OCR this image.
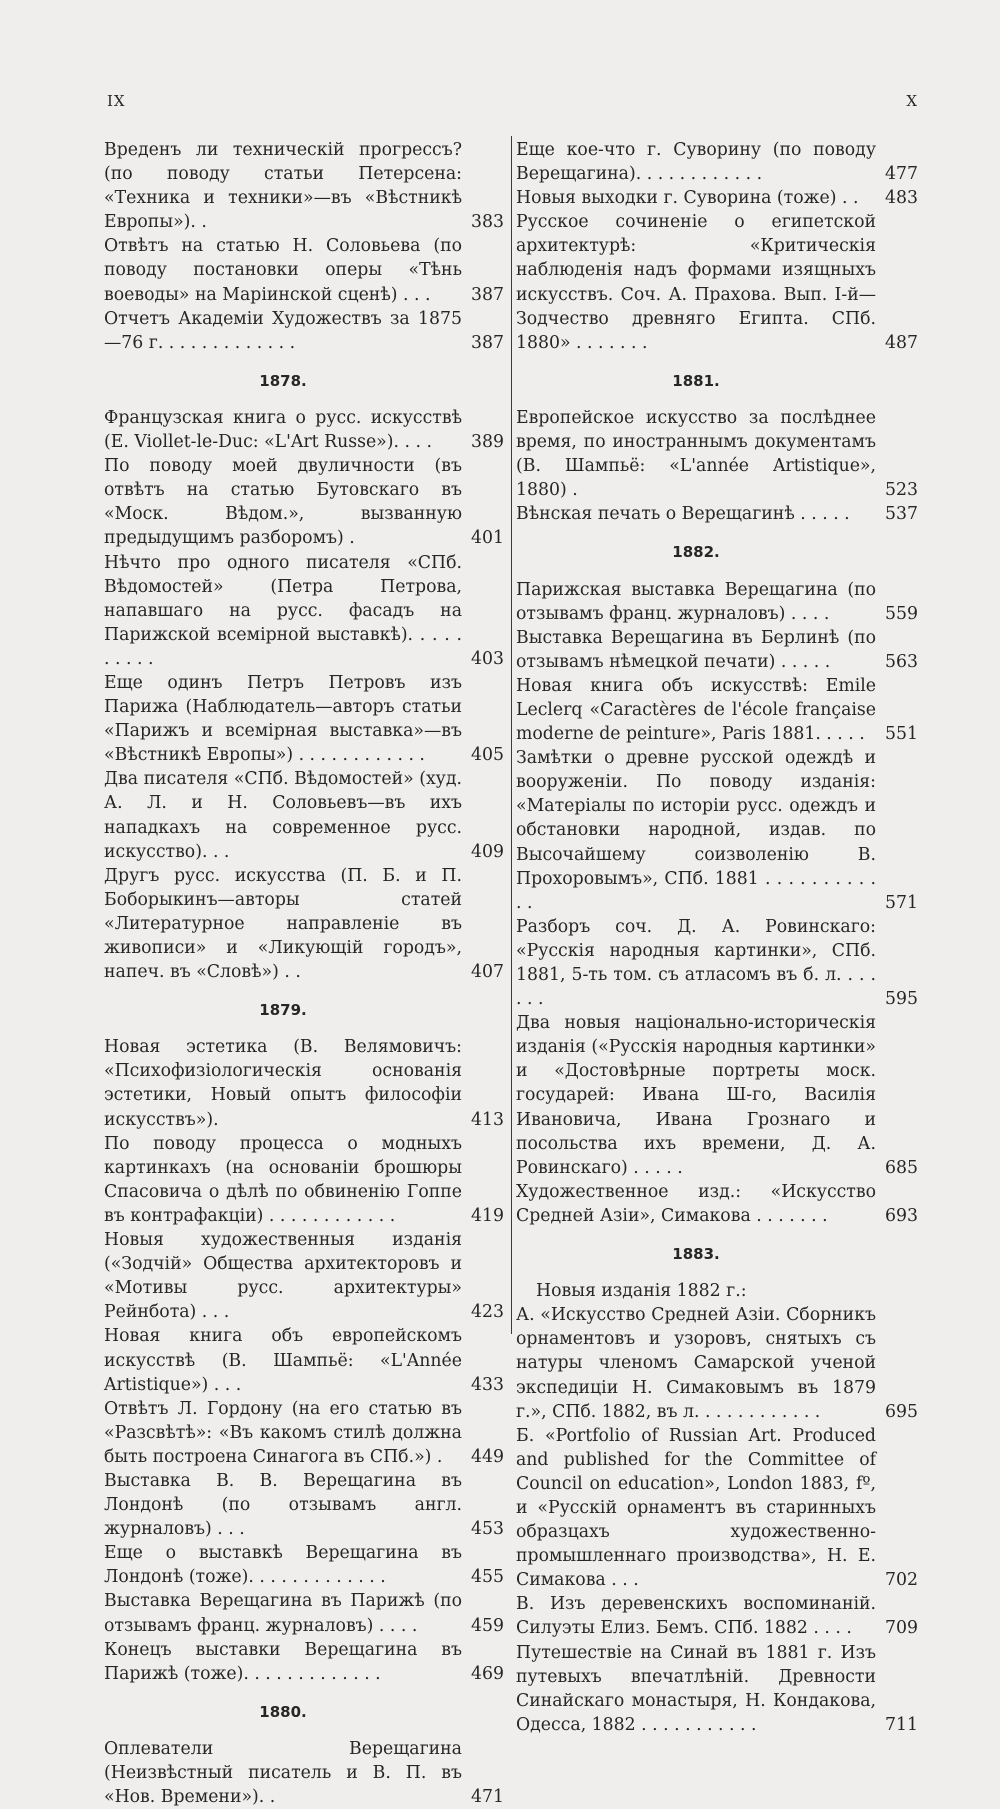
IX	X
Вреденъ ли техническій прогрессъ? (по поводу статьи Петерсена: «Техника и техники»—въ «Вѣстникѣ Европы»). .	383
Отвѣтъ на статью Н. Соловьева (по поводу постановки оперы «Тѣнь воеводы» на Маріинской сценѣ) . . .	387
Отчетъ Академіи Художествъ за 1875—76 г. . . . . . . . . . . . .	387
1878.
Французская книга о русс. искусствѣ (E. Viollet-le-Duc: «L'Art Russe»). . . .	389
По поводу моей двуличности (въ отвѣтъ на статью Бутовскаго въ «Моск. Вѣдом.», вызванную предыдущимъ разборомъ) .	401
Нѣчто про одного писателя «СПб. Вѣдомостей» (Петра Петрова, напавшаго на русс. фасадъ на Парижской всемірной выставкѣ). . . . . . . . . .	403
Еще одинъ Петръ Петровъ изъ Парижа (Наблюдатель—авторъ статьи «Парижъ и всемірная выставка»—въ «Вѣстникѣ Европы») . . . . . . . . . . . .	405
Два писателя «СПб. Вѣдомостей» (худ. А. Л. и Н. Соловьевъ—въ ихъ нападкахъ на современное русс. искусство). . .	409
Другъ русс. искусства (П. Б. и П. Боборыкинъ—авторы статей «Литературное направленіе въ живописи» и «Ликующій городъ», напеч. въ «Словѣ») . .	407
1879.
Новая эстетика (В. Велямовичъ: «Психофизіологическія основанія эстетики, Новый опытъ философіи искусствъ»).	413
По поводу процесса о модныхъ картинкахъ (на основаніи брошюры Спасовича о дѣлѣ по обвиненію Гоппе въ контрафакціи) . . . . . . . . . . . .	419
Новыя художественныя изданія («Зодчій» Общества архитекторовъ и «Мотивы русс. архитектуры» Рейнбота) . . .	423
Новая книга объ европейскомъ искусствѣ (В. Шампьё: «L'Année Artistique») . . .	433
Отвѣтъ Л. Гордону (на его статью въ «Разсвѣтѣ»: «Въ какомъ стилѣ должна быть построена Синагога въ СПб.») .	449
Выставка В. В. Верещагина въ Лондонѣ (по отзывамъ англ. журналовъ) . . .	453
Еще о выставкѣ Верещагина въ Лондонѣ (тоже). . . . . . . . . . . . .	455
Выставка Верещагина въ Парижѣ (по отзывамъ франц. журналовъ) . . . .	459
Конецъ выставки Верещагина въ Парижѣ (тоже). . . . . . . . . . . . .	469
1880.
Оплеватели Верещагина (Неизвѣстный писатель и В. П. въ «Нов. Времени»). .	471
Еще кое-что г. Суворину (по поводу Верещагина). . . . . . . . . . . .	477
Новыя выходки г. Суворина (тоже) . .	483
Русское сочиненіе о египетской архитектурѣ: «Критическія наблюденія надъ формами изящныхъ искусствъ. Соч. А. Прахова. Вып. I-й—Зодчество древняго Египта. СПб. 1880» . . . . . . .	487
1881.
Европейское искусство за послѣднее время, по иностраннымъ документамъ (В. Шампьё: «L'année Artistique», 1880) .	523
Вѣнская печать о Верещагинѣ . . . . .	537
1882.
Парижская выставка Верещагина (по отзывамъ франц. журналовъ) . . . .	559
Выставка Верещагина въ Берлинѣ (по отзывамъ нѣмецкой печати) . . . . .	563
Новая книга объ искусствѣ: Emile Leclerq «Caractères de l'école française moderne de peinture», Paris 1881. . . . .	551
Замѣтки о древне русской одеждѣ и вооруженіи. По поводу изданія: «Матеріалы по исторіи русс. одеждъ и обстановки народной, издав. по Высочайшему соизволенію В. Прохоровымъ», СПб. 1881 . . . . . . . . . . . .	571
Разборъ соч. Д. А. Ровинскаго: «Русскія народныя картинки», СПб. 1881, 5-ть том. съ атласомъ въ б. л. . . . . . .	595
Два новыя національно-историческія изданія («Русскія народныя картинки» и «Достовѣрные портреты моск. государей: Ивана Ш-го, Василія Ивановича, Ивана Грознаго и посольства ихъ времени, Д. А. Ровинскаго) . . . . .	685
Художественное изд.: «Искусство Средней Азіи», Симакова . . . . . . .	693
1883.
Новыя изданія 1882 г.:
А. «Искусство Средней Азіи. Сборникъ орнаментовъ и узоровъ, снятыхъ съ натуры членомъ Самарской ученой экспедиціи Н. Симаковымъ въ 1879 г.», СПб. 1882, въ л. . . . . . . . . . . .	695
Б. «Portfolio of Russian Art. Produced and published for the Committee of Council on education», London 1883, fº, и «Русскій орнаментъ въ старинныхъ образцахъ художественно-промышленнаго производства», Н. Е. Симакова . . .	702
В. Изъ деревенскихъ воспоминаній. Силуэты Елиз. Бемъ. СПб. 1882 . . . .	709
Путешествіе на Синай въ 1881 г. Изъ путевыхъ впечатлѣній. Древности Синайскаго монастыря, Н. Кондакова, Одесса, 1882 . . . . . . . . . . .	711
